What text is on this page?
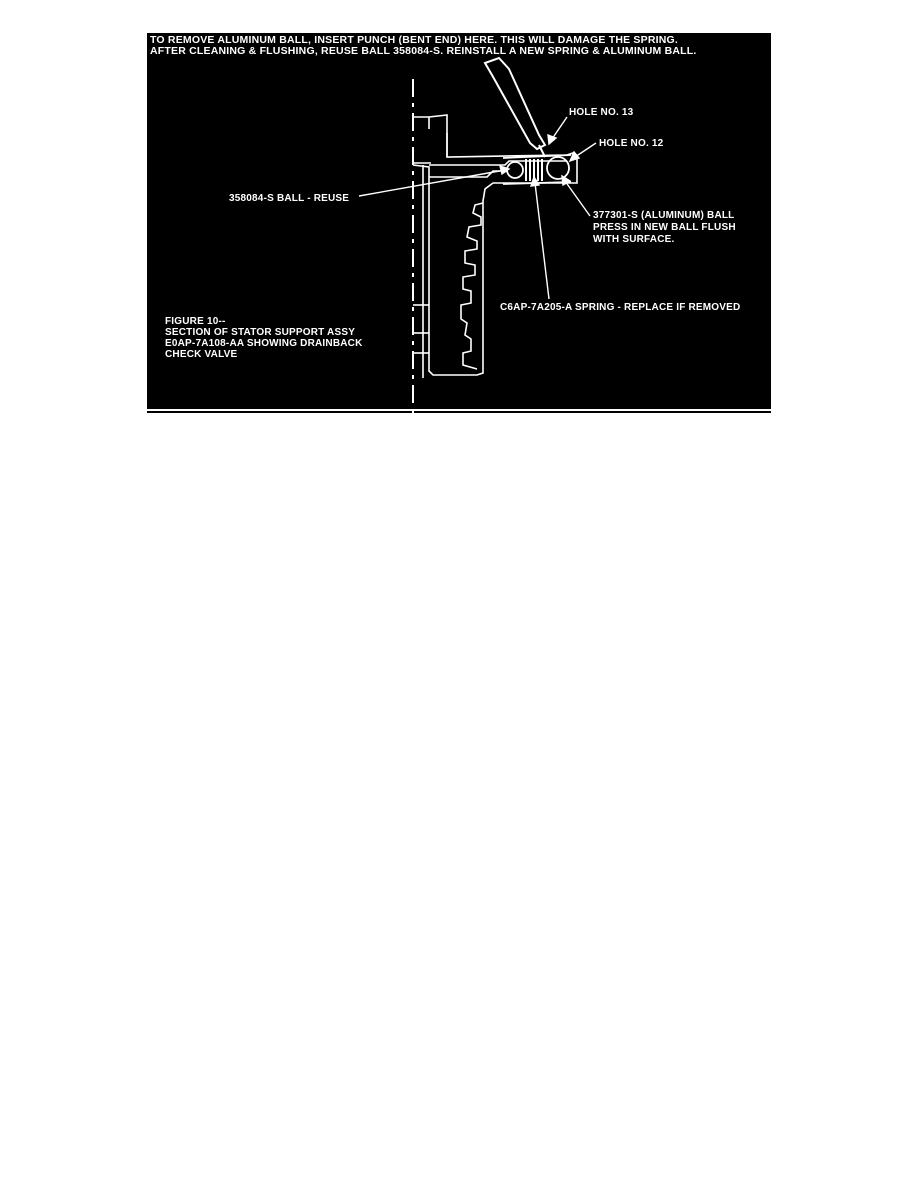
TO REMOVE ALUMINUM BALL, INSERT PUNCH (BENT END) HERE. THIS WILL DAMAGE THE SPRING.
AFTER CLEANING & FLUSHING, REUSE BALL 358084-S. REINSTALL A NEW SPRING & ALUMINUM BALL.
HOLE NO. 13
HOLE NO. 12
358084-S BALL - REUSE
377301-S (ALUMINUM) BALL
PRESS IN NEW BALL FLUSH
WITH SURFACE.
C6AP-7A205-A SPRING - REPLACE IF REMOVED
FIGURE 10--
SECTION OF STATOR SUPPORT ASSY
E0AP-7A108-AA SHOWING DRAINBACK
CHECK VALVE
